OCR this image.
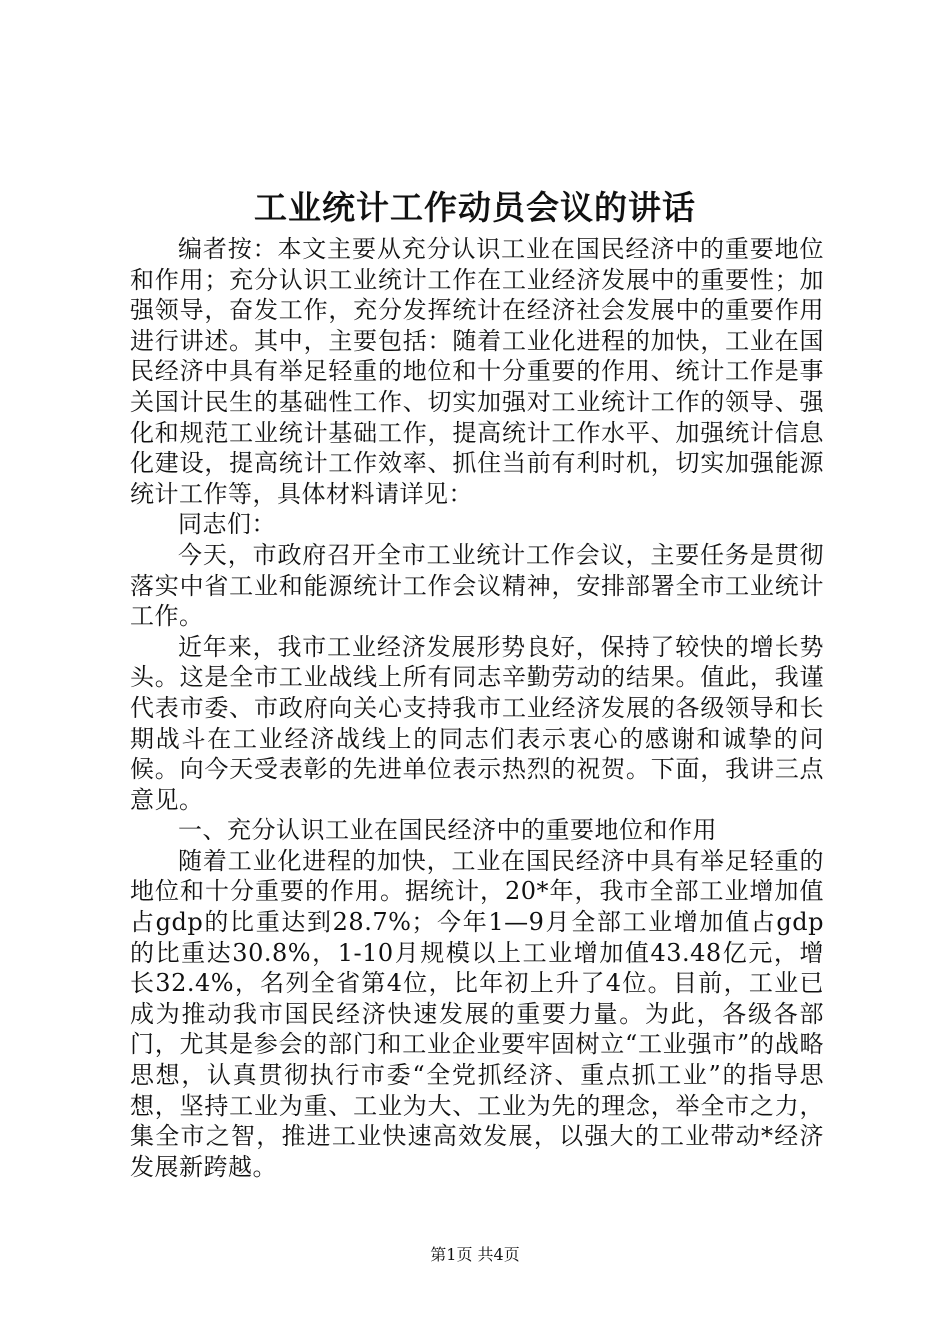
工业统计工作动员会议的讲话

编者按：本文主要从充分认识工业在国民经济中的重要地位和作用；充分认识工业统计工作在工业经济发展中的重要性；加强领导，奋发工作，充分发挥统计在经济社会发展中的重要作用进行讲述。其中，主要包括：随着工业化进程的加快，工业在国民经济中具有举足轻重的地位和十分重要的作用、统计工作是事关国计民生的基础性工作、切实加强对工业统计工作的领导、强化和规范工业统计基础工作，提高统计工作水平、加强统计信息化建设，提高统计工作效率、抓住当前有利时机，切实加强能源统计工作等，具体材料请详见：

同志们：

今天，市政府召开全市工业统计工作会议，主要任务是贯彻落实中省工业和能源统计工作会议精神，安排部署全市工业统计工作。

近年来，我市工业经济发展形势良好，保持了较快的增长势头。这是全市工业战线上所有同志辛勤劳动的结果。值此，我谨代表市委、市政府向关心支持我市工业经济发展的各级领导和长期战斗在工业经济战线上的同志们表示衷心的感谢和诚挚的问候。向今天受表彰的先进单位表示热烈的祝贺。下面，我讲三点意见。

一、充分认识工业在国民经济中的重要地位和作用

随着工业化进程的加快，工业在国民经济中具有举足轻重的地位和十分重要的作用。据统计，20*年，我市全部工业增加值占gdp的比重达到28.7%；今年1—9月全部工业增加值占gdp的比重达30.8%，1-10月规模以上工业增加值43.48亿元，增长32.4%，名列全省第4位，比年初上升了4位。目前，工业已成为推动我市国民经济快速发展的重要力量。为此，各级各部门，尤其是参会的部门和工业企业要牢固树立“工业强市”的战略思想，认真贯彻执行市委“全党抓经济、重点抓工业”的指导思想，坚持工业为重、工业为大、工业为先的理念，举全市之力，集全市之智，推进工业快速高效发展，以强大的工业带动*经济发展新跨越。

第1页 共4页
